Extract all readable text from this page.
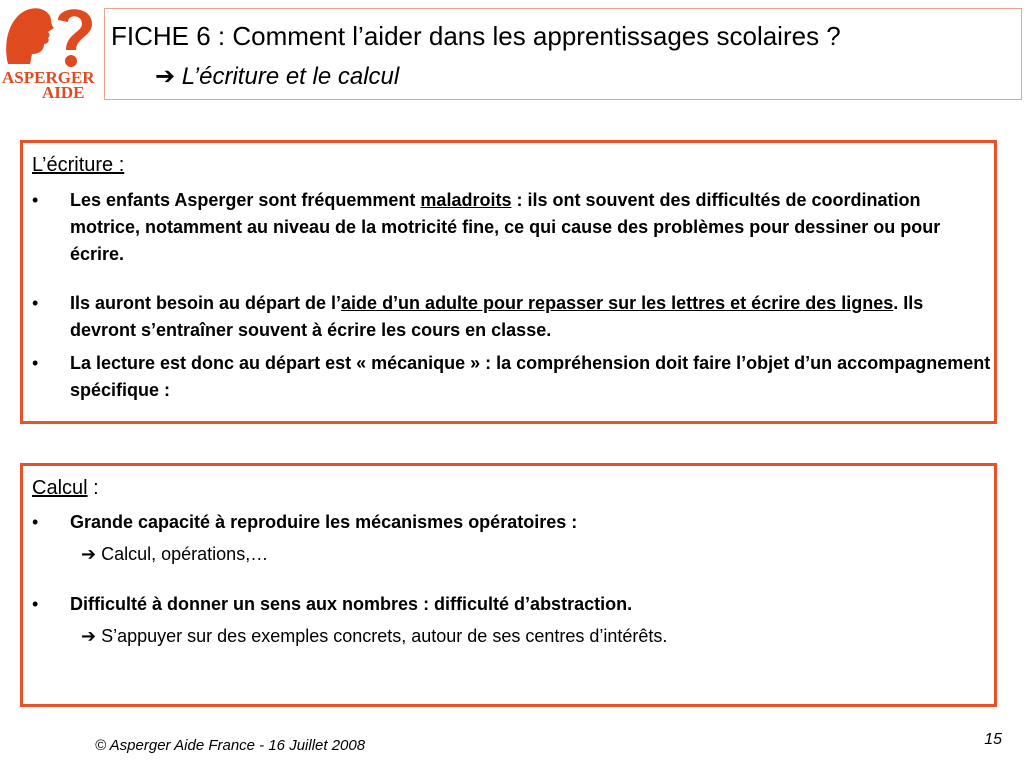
ASPERGER
AIDE
FICHE 6 : Comment l’aider dans les apprentissages scolaires ?
➔ L’écriture et le calcul
L’écriture :
• Les enfants Asperger sont fréquemment maladroits : ils ont souvent des difficultés de coordination motrice, notamment au niveau de la motricité fine, ce qui cause des problèmes pour dessiner ou pour écrire.
• Ils auront besoin au départ de l’aide d’un adulte pour repasser sur les lettres et écrire des lignes. Ils devront s’entraîner souvent à écrire les cours en classe.
• La lecture est donc au départ est « mécanique » : la compréhension doit faire l’objet d’un accompagnement spécifique :
Calcul :
• Grande capacité à reproduire les mécanismes opératoires :
➔ Calcul, opérations,…
• Difficulté à donner un sens aux nombres : difficulté d’abstraction.
➔ S’appuyer sur des exemples concrets, autour de ses centres d’intérêts.
© Asperger Aide France - 16 Juillet 2008	15
